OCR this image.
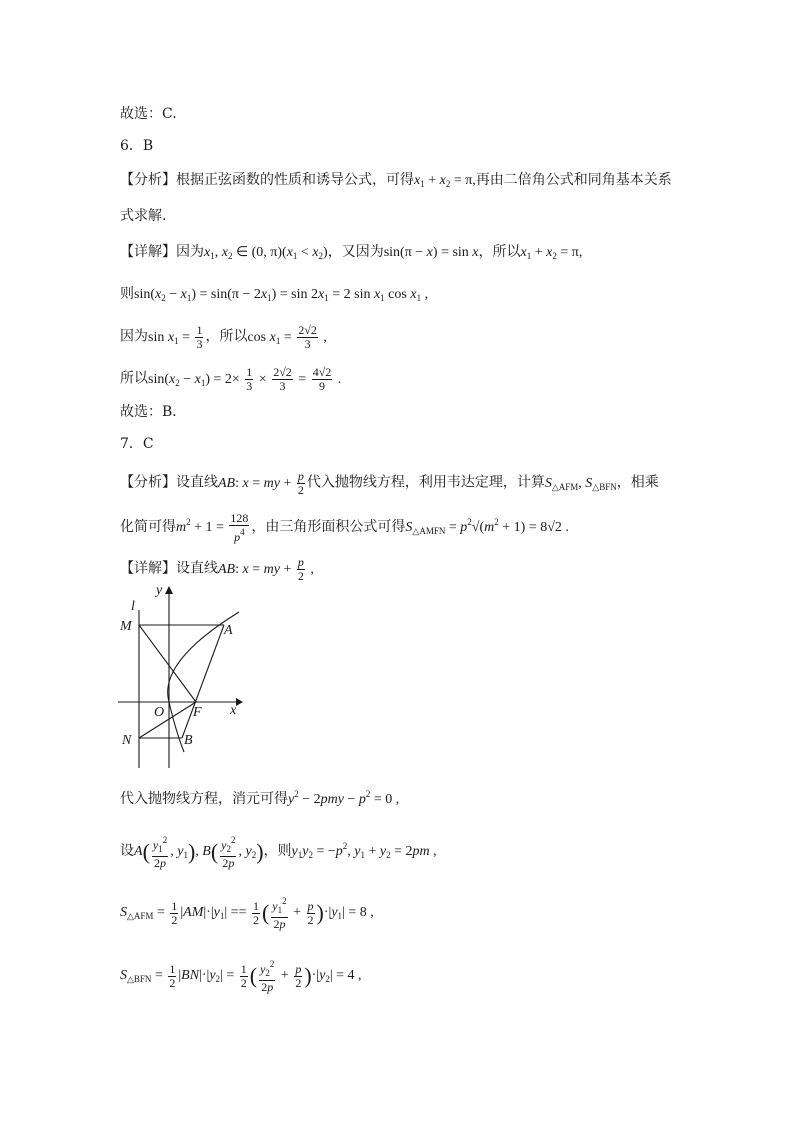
故选：C.
6．B
【分析】根据正弦函数的性质和诱导公式，可得$x_1 + x_2 = \pi$,再由二倍角公式和同角基本关系
式求解.
【详解】因为$x_1$, $x_2$ ∈ (0, $\pi)(x_1 < x_2)$，又因为sin(π − x) = sin x，所以$x_1 + x_2 = \pi$,
则$\sin(x_2 - x_1) = \sin(\pi - 2x_1) = \sin 2x_1 = 2$ $\sin x_1$ $\cos x_1$ ,
因为$\sin x_1 = \frac{1}{3}$ ，所以$\cos x_1 = \frac{2√2}{3}$ ,
所以$\sin(x_2 - x_1) = 2\times \frac{1}{3} \times \frac{2√2}{3} = \frac{4√2}{9}$ .
故选：B．
7．C
【分析】设直线AB: x = my + $\frac{p}{2}$ 代入抛物线方程，利用韦达定理，计算$S_{\triangle AFM}$, $S_{\triangle BFN}$，相乘
化简可得$m^2 + 1 = \frac{128}{p^4}$ ，由三角形面积公式可得$S_{\triangle AMFN} = p^2√(m^2 + 1) = 8√2$ .
【详解】设直线AB: x = my + $\frac{p}{2}$ ,
y
l
M	A
O F x
N	B
代入抛物线方程，消元可得$y^2 - 2pmy - p^2 = 0$ ,
设$A( \frac{y_1^2}{2p}$ , $y_1$), $B( \frac{y_2^2}{2p}$ , $y_2$)，则$y_1y_2 = -p^2$, $y_1 + y_2 = 2pm$ ,
$S_{\triangle AFM} = \frac{1}{2} |AM|\cdot|y_1| == \frac{1}{2}$ ( $\frac{y_1^2}{2p} + \frac{p}{2} )\cdot|y_1| = 8$ ,
$S_{\triangle BFN} = \frac{1}{2} |BN|\cdot|y_2| = \frac{1}{2}$ ( $\frac{y_2^2}{2p} + \frac{p}{2} )\cdot|y_2| = 4$ ,
